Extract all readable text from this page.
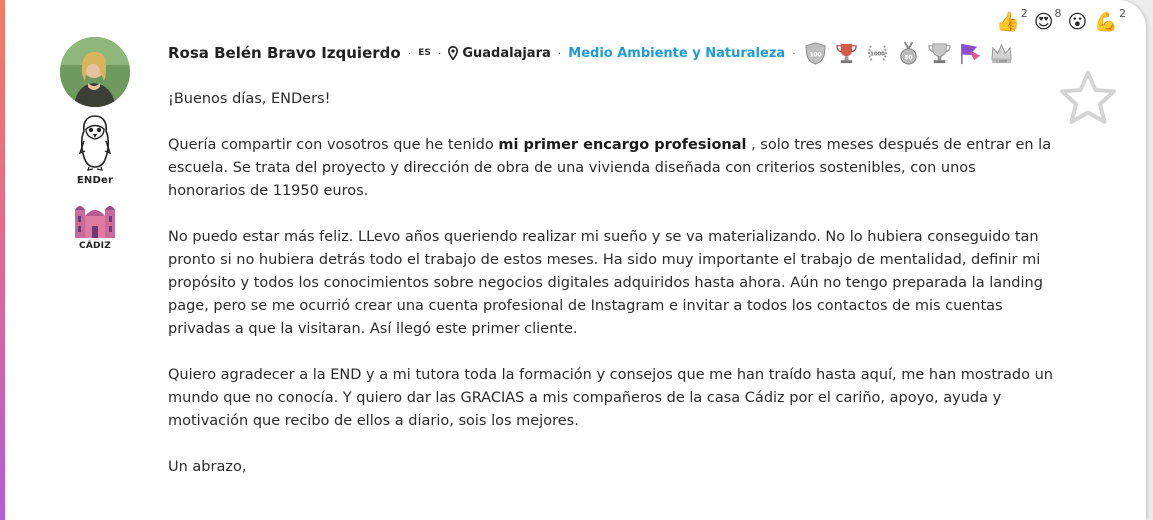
ENDer
CÁDIZ
Rosa Belén Bravo Izquierdo · ES · Guadalajara · Medio Ambiente y Naturaleza · 100	1000
80
1.000€

¡Buenos días, ENDers!

Quería compartir con vosotros que he tenido mi primer encargo profesional , solo tres meses después de entrar en la escuela. Se trata del proyecto y dirección de obra de una vivienda diseñada con criterios sostenibles, con unos honorarios de 11950 euros.

No puedo estar más feliz. LLevo años queriendo realizar mi sueño y se va materializando. No lo hubiera conseguido tan pronto si no hubiera detrás todo el trabajo de estos meses. Ha sido muy importante el trabajo de mentalidad, definir mi propósito y todos los conocimientos sobre negocios digitales adquiridos hasta ahora. Aún no tengo preparada la landing page, pero se me ocurrió crear una cuenta profesional de Instagram e invitar a todos los contactos de mis cuentas privadas a que la visitaran. Así llegó este primer cliente.

Quiero agradecer a la END y a mi tutora toda la formación y consejos que me han traído hasta aquí, me han mostrado un mundo que no conocía. Y quiero dar las GRACIAS a mis compañeros de la casa Cádiz por el cariño, apoyo, ayuda y motivación que recibo de ellos a diario, sois los mejores.

Un abrazo,

👍 2 😍 8 😮 💪 2
